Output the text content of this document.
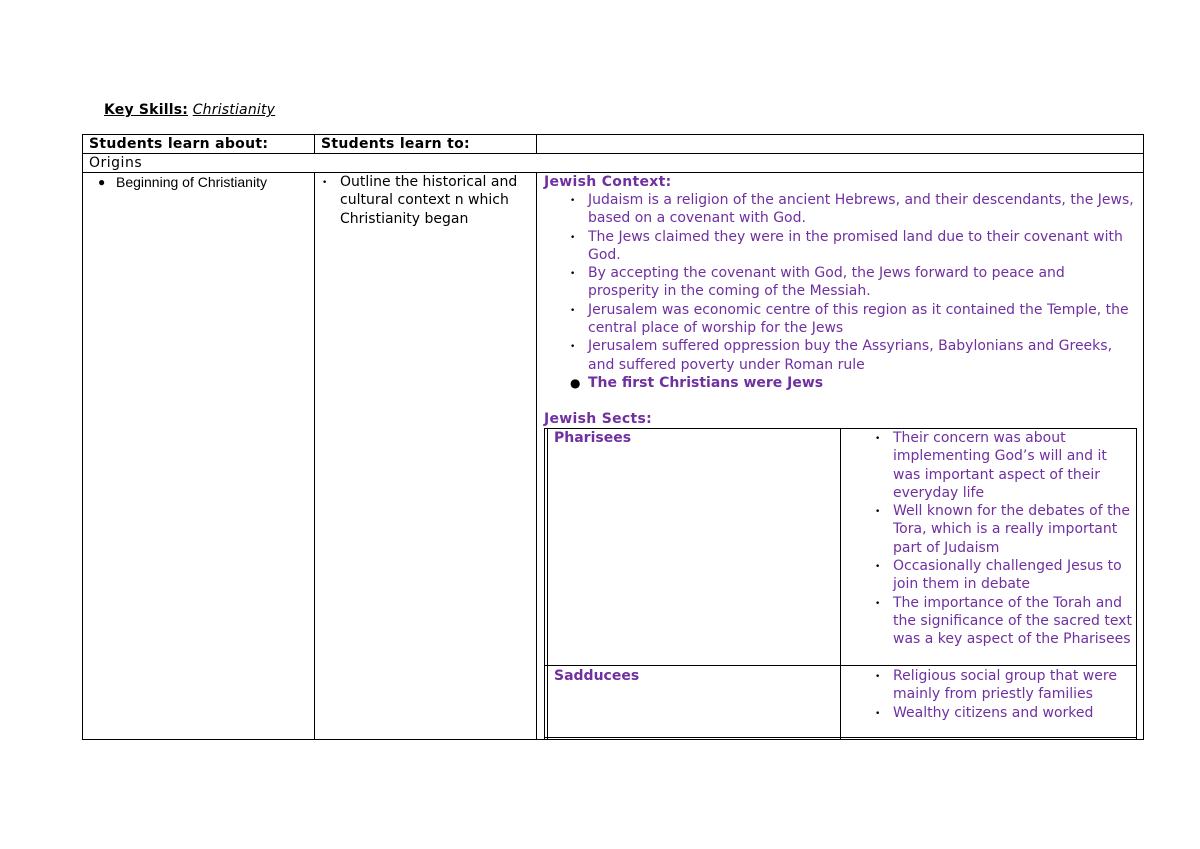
Key Skills: Christianity
Students learn about:	Students learn to:
Origins
● Beginning of Christianity	• Outline the historical and cultural context n which Christianity began
Jewish Context:
• Judaism is a religion of the ancient Hebrews, and their descendants, the Jews, based on a covenant with God.
• The Jews claimed they were in the promised land due to their covenant with God.
• By accepting the covenant with God, the Jews forward to peace and prosperity in the coming of the Messiah.
• Jerusalem was economic centre of this region as it contained the Temple, the central place of worship for the Jews
• Jerusalem suffered oppression buy the Assyrians, Babylonians and Greeks, and suffered poverty under Roman rule
● The first Christians were Jews
Jewish Sects:
Pharisees	• Their concern was about implementing God’s will and it was important aspect of their everyday life
• Well known for the debates of the Tora, which is a really important part of Judaism
• Occasionally challenged Jesus to join them in debate
• The importance of the Torah and the significance of the sacred text was a key aspect of the Pharisees
Sadducees	• Religious social group that were mainly from priestly families
• Wealthy citizens and worked
